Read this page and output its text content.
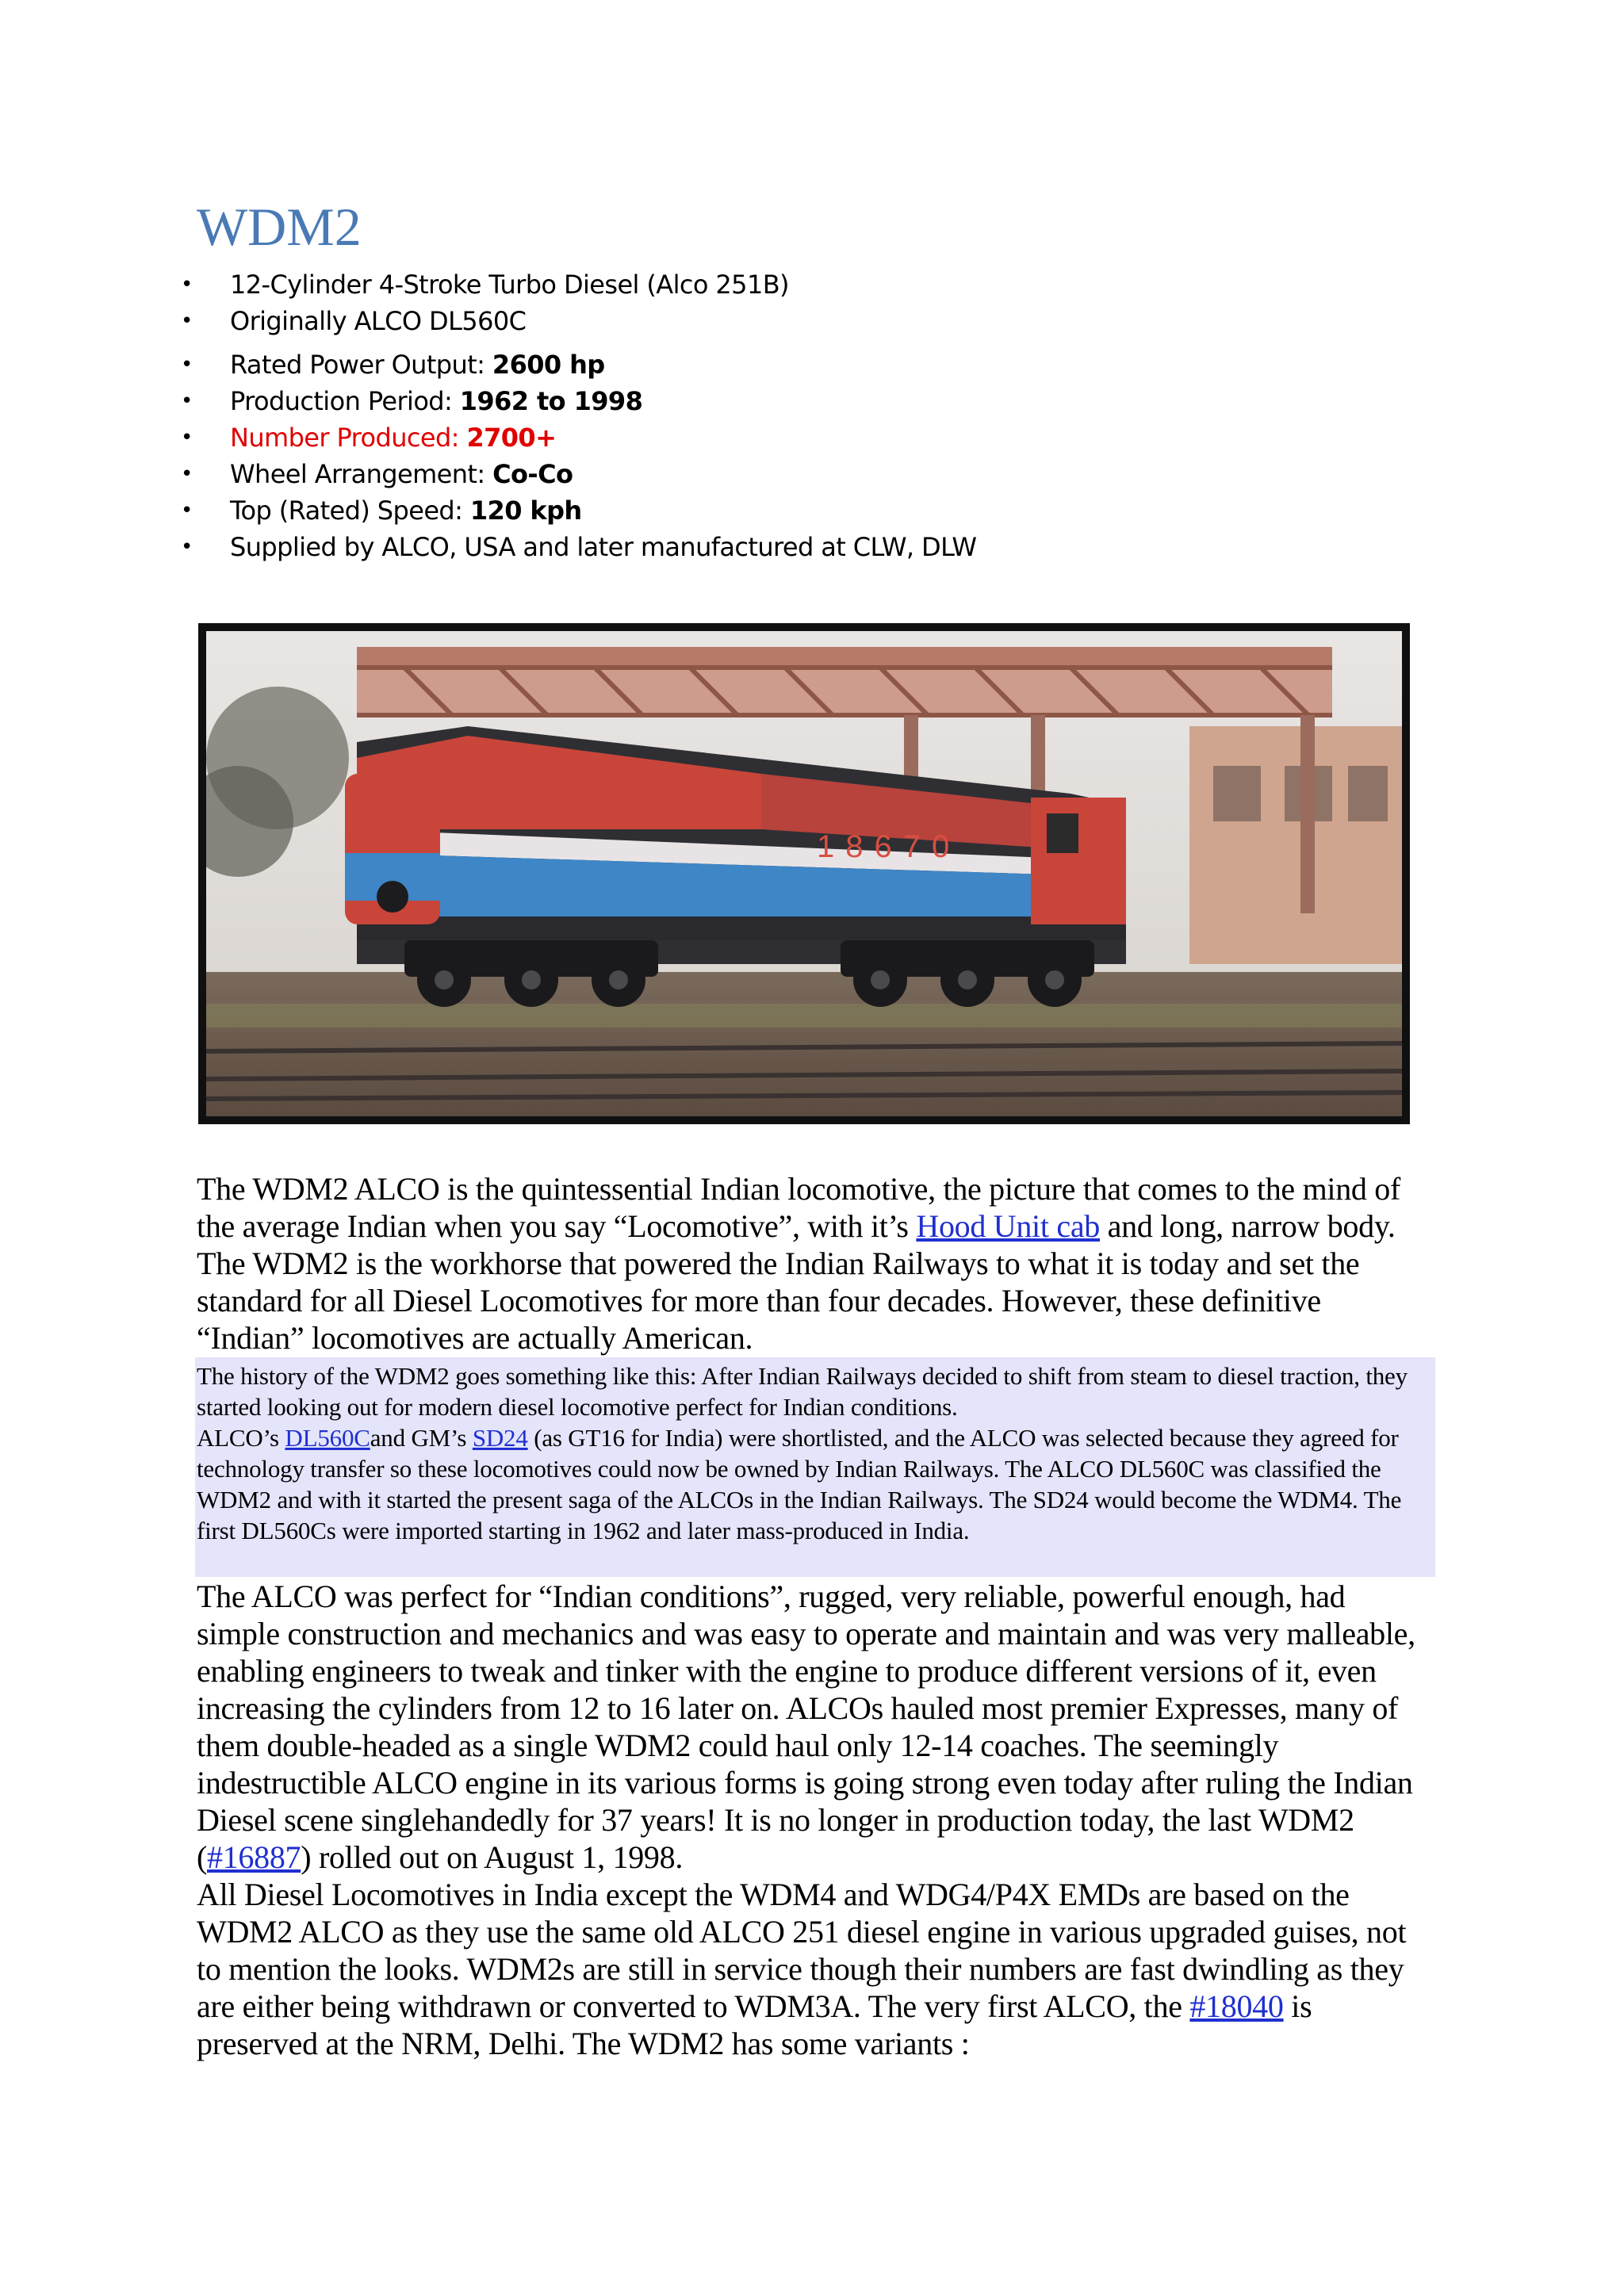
WDM2
• 12-Cylinder 4-Stroke Turbo Diesel (Alco 251B)
• Originally ALCO DL560C
• Rated Power Output: 2600 hp
• Production Period: 1962 to 1998
• Number Produced: 2700+
• Wheel Arrangement: Co-Co
• Top (Rated) Speed: 120 kph
• Supplied by ALCO, USA and later manufactured at CLW, DLW
18670

The WDM2 ALCO is the quintessential Indian locomotive, the picture that comes to the mind of the average Indian when you say “Locomotive”, with it’s Hood Unit cab and long, narrow body. The WDM2 is the workhorse that powered the Indian Railways to what it is today and set the standard for all Diesel Locomotives for more than four decades. However, these definitive “Indian” locomotives are actually American.

The history of the WDM2 goes something like this: After Indian Railways decided to shift from steam to diesel traction, they started looking out for modern diesel locomotive perfect for Indian conditions.

ALCO’s DL560Cand GM’s SD24 (as GT16 for India) were shortlisted, and the ALCO was selected because they agreed for technology transfer so these locomotives could now be owned by Indian Railways. The ALCO DL560C was classified the WDM2 and with it started the present saga of the ALCOs in the Indian Railways. The SD24 would become the WDM4. The first DL560Cs were imported starting in 1962 and later mass-produced in India.

The ALCO was perfect for “Indian conditions”, rugged, very reliable, powerful enough, had simple construction and mechanics and was easy to operate and maintain and was very malleable, enabling engineers to tweak and tinker with the engine to produce different versions of it, even increasing the cylinders from 12 to 16 later on. ALCOs hauled most premier Expresses, many of them double-headed as a single WDM2 could haul only 12-14 coaches. The seemingly indestructible ALCO engine in its various forms is going strong even today after ruling the Indian Diesel scene singlehandedly for 37 years! It is no longer in production today, the last WDM2 (#16887) rolled out on August 1, 1998.

All Diesel Locomotives in India except the WDM4 and WDG4/P4X EMDs are based on the WDM2 ALCO as they use the same old ALCO 251 diesel engine in various upgraded guises, not to mention the looks. WDM2s are still in service though their numbers are fast dwindling as they are either being withdrawn or converted to WDM3A. The very first ALCO, the #18040 is preserved at the NRM, Delhi. The WDM2 has some variants :
